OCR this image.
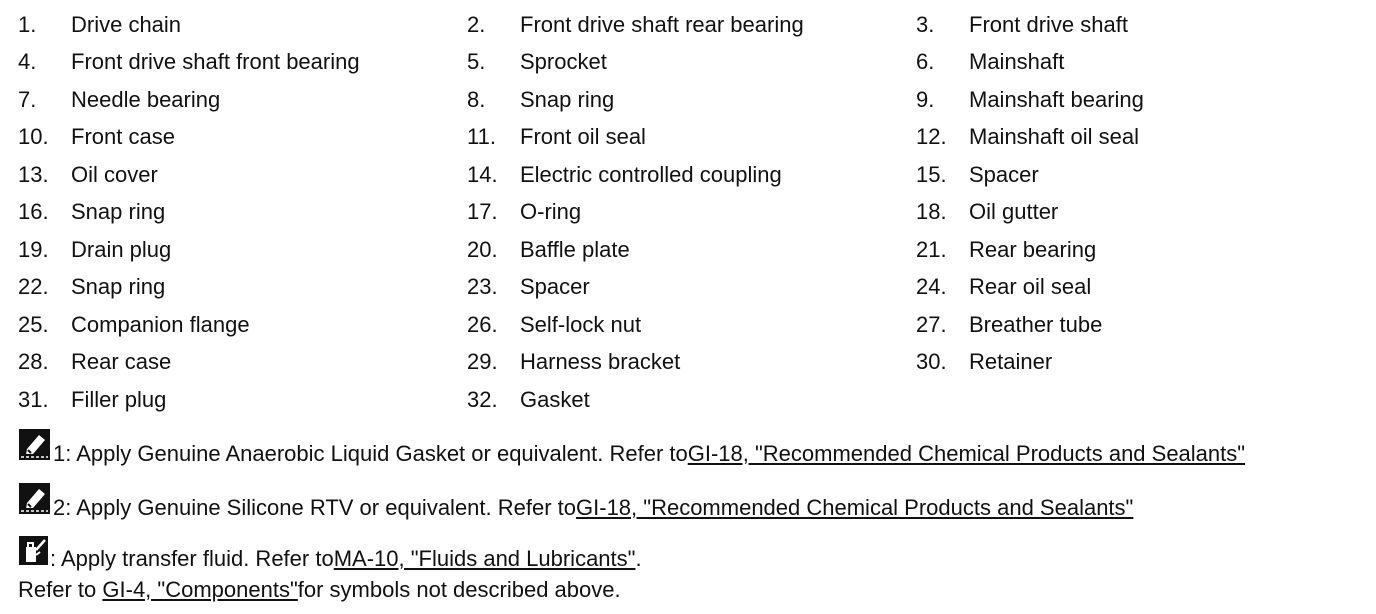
1.	Drive chain	2.	Front drive shaft rear bearing	3.	Front drive shaft
4.	Front drive shaft front bearing	5.	Sprocket	6.	Mainshaft
7.	Needle bearing	8.	Snap ring	9.	Mainshaft bearing
10.	Front case	11.	Front oil seal	12.	Mainshaft oil seal
13.	Oil cover	14.	Electric controlled coupling	15.	Spacer
16.	Snap ring	17.	O-ring	18.	Oil gutter
19.	Drain plug	20.	Baffle plate	21.	Rear bearing
22.	Snap ring	23.	Spacer	24.	Rear oil seal
25.	Companion flange	26.	Self-lock nut	27.	Breather tube
28.	Rear case	29.	Harness bracket	30.	Retainer
31.	Filler plug	32.	Gasket
1: Apply Genuine Anaerobic Liquid Gasket or equivalent. Refer to GI-18, "Recommended Chemical Products and Sealants"
2: Apply Genuine Silicone RTV or equivalent. Refer to GI-18, "Recommended Chemical Products and Sealants"
: Apply transfer fluid. Refer to MA-10, "Fluids and Lubricants" .
Refer to
GI-4, "Components" for symbols not described above.
